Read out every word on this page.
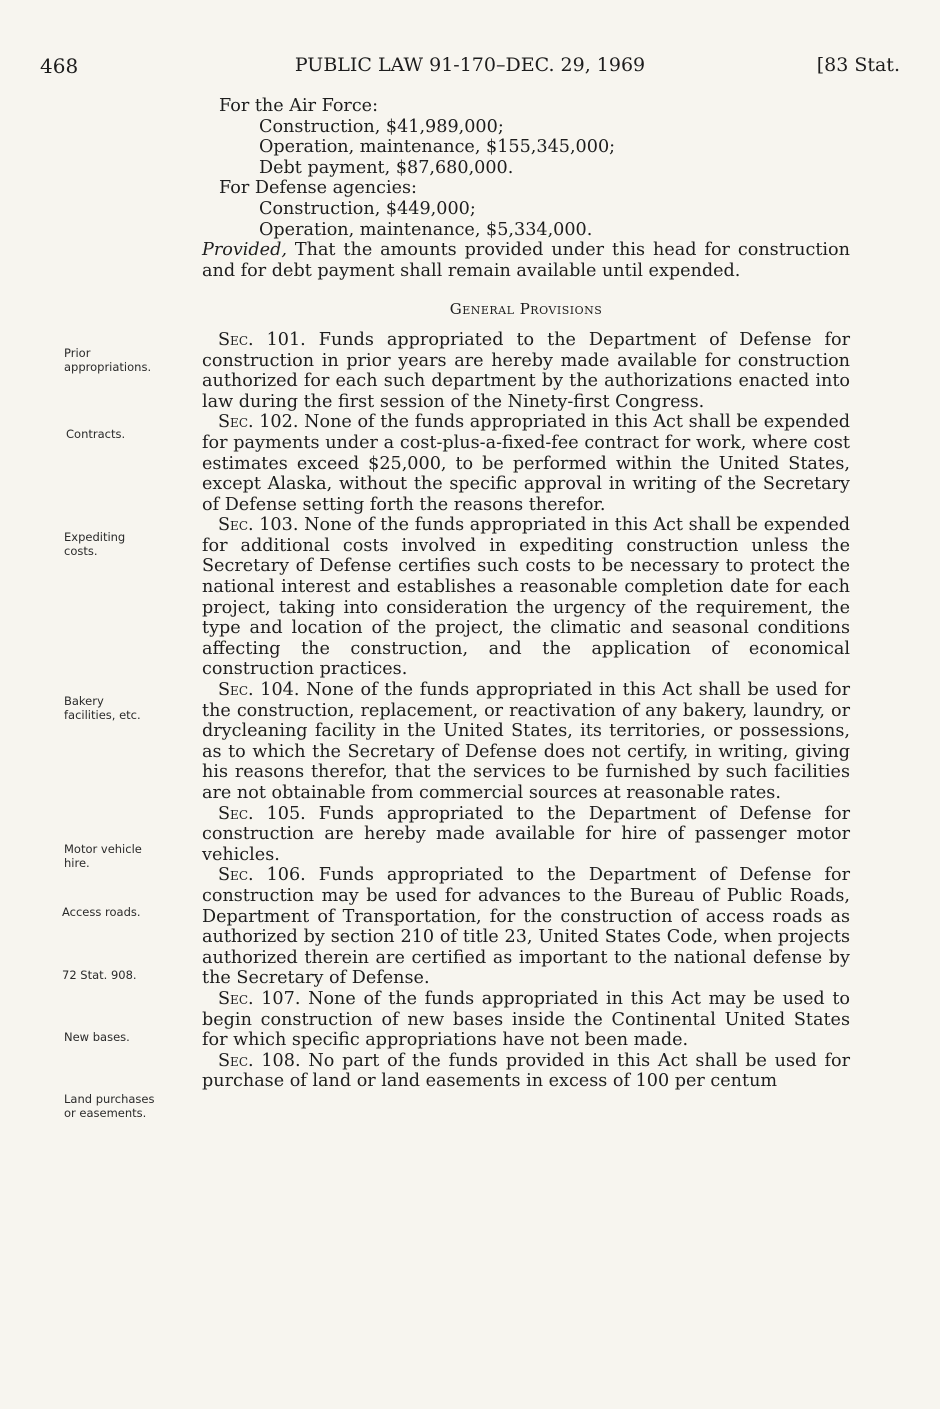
468	PUBLIC LAW 91-170–DEC. 29, 1969	[83 Stat.
Prior appropriations.
Contracts.
Expediting costs.
Bakery facilities, etc.
Motor vehicle hire.
Access roads.
72 Stat. 908.
New bases.
Land purchases or easements.
For the Air Force:
Construction, $41,989,000;
Operation, maintenance, $155,345,000;
Debt payment, $87,680,000.
For Defense agencies:
Construction, $449,000;
Operation, maintenance, $5,334,000.

Provided, That the amounts provided under this head for construction and for debt payment shall remain available until expended.

General Provisions

Sec. 101. Funds appropriated to the Department of Defense for construction in prior years are hereby made available for construction authorized for each such department by the authorizations enacted into law during the first session of the Ninety-first Congress.

Sec. 102. None of the funds appropriated in this Act shall be expended for payments under a cost-plus-a-fixed-fee contract for work, where cost estimates exceed $25,000, to be performed within the United States, except Alaska, without the specific approval in writing of the Secretary of Defense setting forth the reasons therefor.

Sec. 103. None of the funds appropriated in this Act shall be expended for additional costs involved in expediting construction unless the Secretary of Defense certifies such costs to be necessary to protect the national interest and establishes a reasonable completion date for each project, taking into consideration the urgency of the requirement, the type and location of the project, the climatic and seasonal conditions affecting the construction, and the application of economical construction practices.

Sec. 104. None of the funds appropriated in this Act shall be used for the construction, replacement, or reactivation of any bakery, laundry, or drycleaning facility in the United States, its territories, or possessions, as to which the Secretary of Defense does not certify, in writing, giving his reasons therefor, that the services to be furnished by such facilities are not obtainable from commercial sources at reasonable rates.

Sec. 105. Funds appropriated to the Department of Defense for construction are hereby made available for hire of passenger motor vehicles.

Sec. 106. Funds appropriated to the Department of Defense for construction may be used for advances to the Bureau of Public Roads, Department of Transportation, for the construction of access roads as authorized by section 210 of title 23, United States Code, when projects authorized therein are certified as important to the national defense by the Secretary of Defense.

Sec. 107. None of the funds appropriated in this Act may be used to begin construction of new bases inside the Continental United States for which specific appropriations have not been made.

Sec. 108. No part of the funds provided in this Act shall be used for purchase of land or land easements in excess of 100 per centum
